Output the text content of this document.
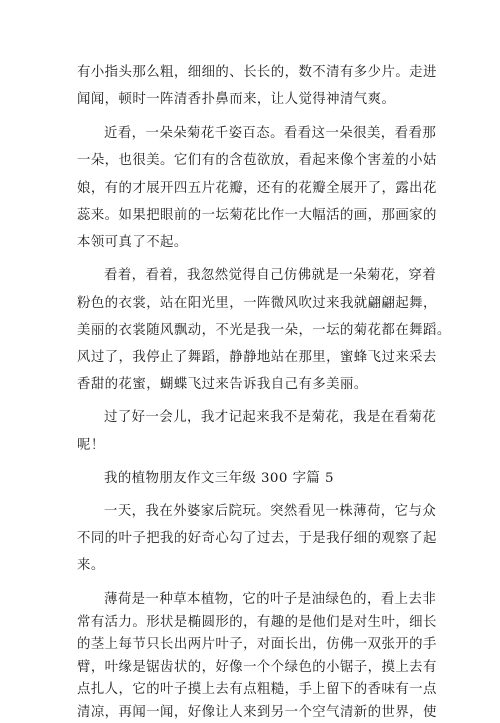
有小指头那么粗，细细的、长长的，数不清有多少片。走进
闻闻，顿时一阵清香扑鼻而来，让人觉得神清气爽。
近看，一朵朵菊花千姿百态。看看这一朵很美，看看那
一朵，也很美。它们有的含苞欲放，看起来像个害羞的小姑
娘，有的才展开四五片花瓣，还有的花瓣全展开了，露出花
蕊来。如果把眼前的一坛菊花比作一大幅活的画，那画家的
本领可真了不起。
看着，看着，我忽然觉得自己仿佛就是一朵菊花，穿着
粉色的衣裳，站在阳光里，一阵微风吹过来我就翩翩起舞，
美丽的衣裳随风飘动，不光是我一朵，一坛的菊花都在舞蹈。
风过了，我停止了舞蹈，静静地站在那里，蜜蜂飞过来采去
香甜的花蜜，蝴蝶飞过来告诉我自己有多美丽。
过了好一会儿，我才记起来我不是菊花，我是在看菊花
呢！
我的植物朋友作文三年级 300 字篇 5
一天，我在外婆家后院玩。突然看见一株薄荷，它与众
不同的叶子把我的好奇心勾了过去，于是我仔细的观察了起
来。
薄荷是一种草本植物，它的叶子是油绿色的，看上去非
常有活力。形状是椭圆形的，有趣的是他们是对生叶，细长
的茎上每节只长出两片叶子，对面长出，仿佛一双张开的手
臂，叶缘是锯齿状的，好像一个个绿色的小锯子，摸上去有
点扎人，它的叶子摸上去有点粗糙，手上留下的香味有一点
清凉，再闻一闻，好像让人来到另一个空气清新的世界，使
